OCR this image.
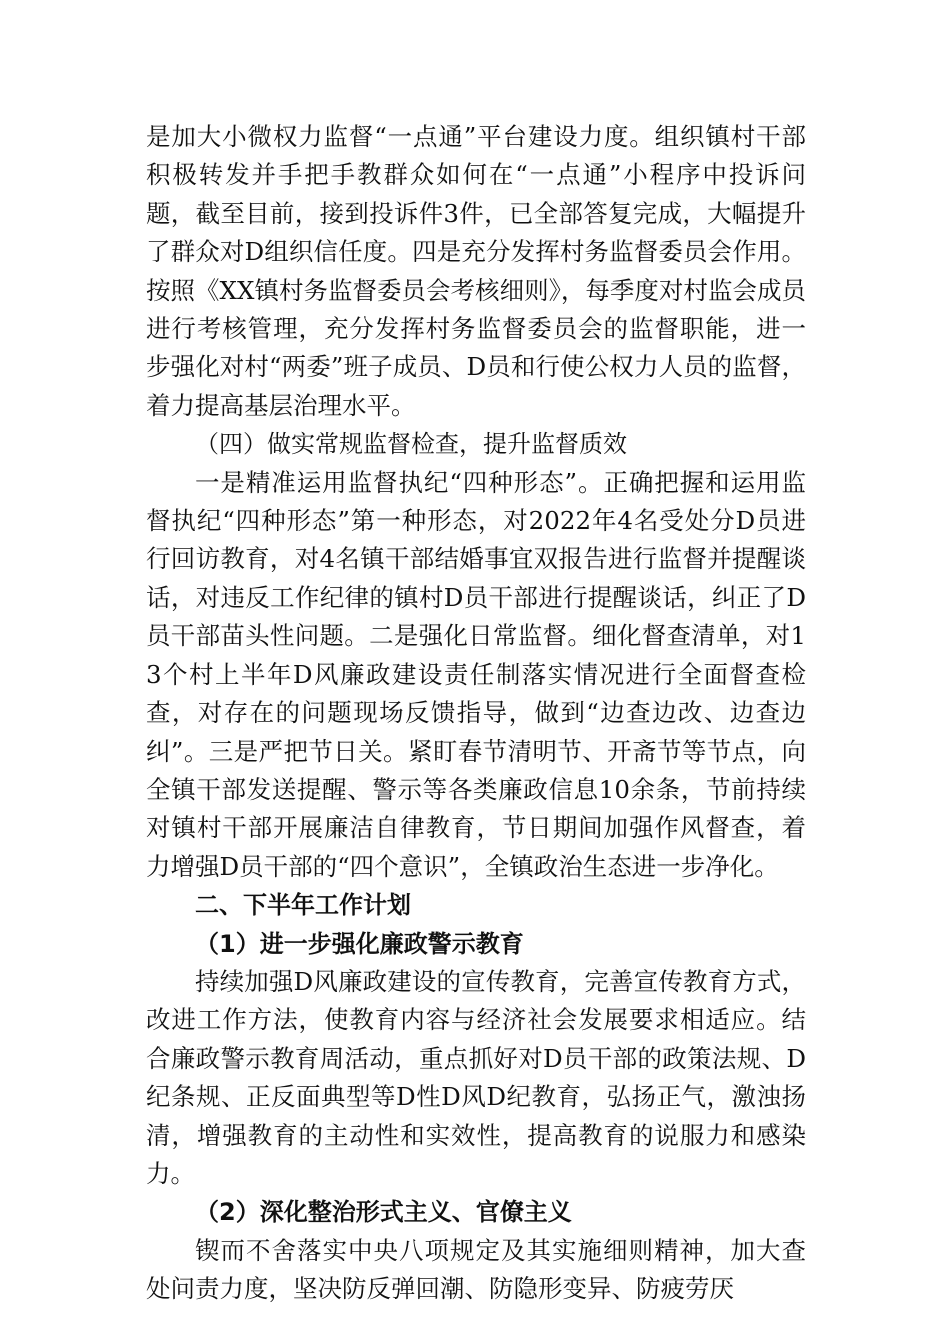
是加大小微权力监督“一点通”平台建设力度。组织镇村干部积极转发并手把手教群众如何在“一点通”小程序中投诉问题，截至目前，接到投诉件3件，已全部答复完成，大幅提升了群众对D组织信任度。四是充分发挥村务监督委员会作用。按照《XX镇村务监督委员会考核细则》，每季度对村监会成员进行考核管理，充分发挥村务监督委员会的监督职能，进一步强化对村“两委”班子成员、D员和行使公权力人员的监督，着力提高基层治理水平。

（四）做实常规监督检查，提升监督质效

一是精准运用监督执纪“四种形态”。正确把握和运用监督执纪“四种形态”第一种形态，对2022年4名受处分D员进行回访教育，对4名镇干部结婚事宜双报告进行监督并提醒谈话，对违反工作纪律的镇村D员干部进行提醒谈话，纠正了D员干部苗头性问题。二是强化日常监督。细化督查清单，对13个村上半年D风廉政建设责任制落实情况进行全面督查检查，对存在的问题现场反馈指导，做到“边查边改、边查边纠”。三是严把节日关。紧盯春节清明节、开斋节等节点，向全镇干部发送提醒、警示等各类廉政信息10余条，节前持续对镇村干部开展廉洁自律教育，节日期间加强作风督查，着力增强D员干部的“四个意识”，全镇政治生态进一步净化。

二、下半年工作计划

（1）进一步强化廉政警示教育

持续加强D风廉政建设的宣传教育，完善宣传教育方式，改进工作方法，使教育内容与经济社会发展要求相适应。结合廉政警示教育周活动，重点抓好对D员干部的政策法规、D纪条规、正反面典型等D性D风D纪教育，弘扬正气，激浊扬清，增强教育的主动性和实效性，提高教育的说服力和感染力。

（2）深化整治形式主义、官僚主义

锲而不舍落实中央八项规定及其实施细则精神，加大查处问责力度，坚决防反弹回潮、防隐形变异、防疲劳厌
